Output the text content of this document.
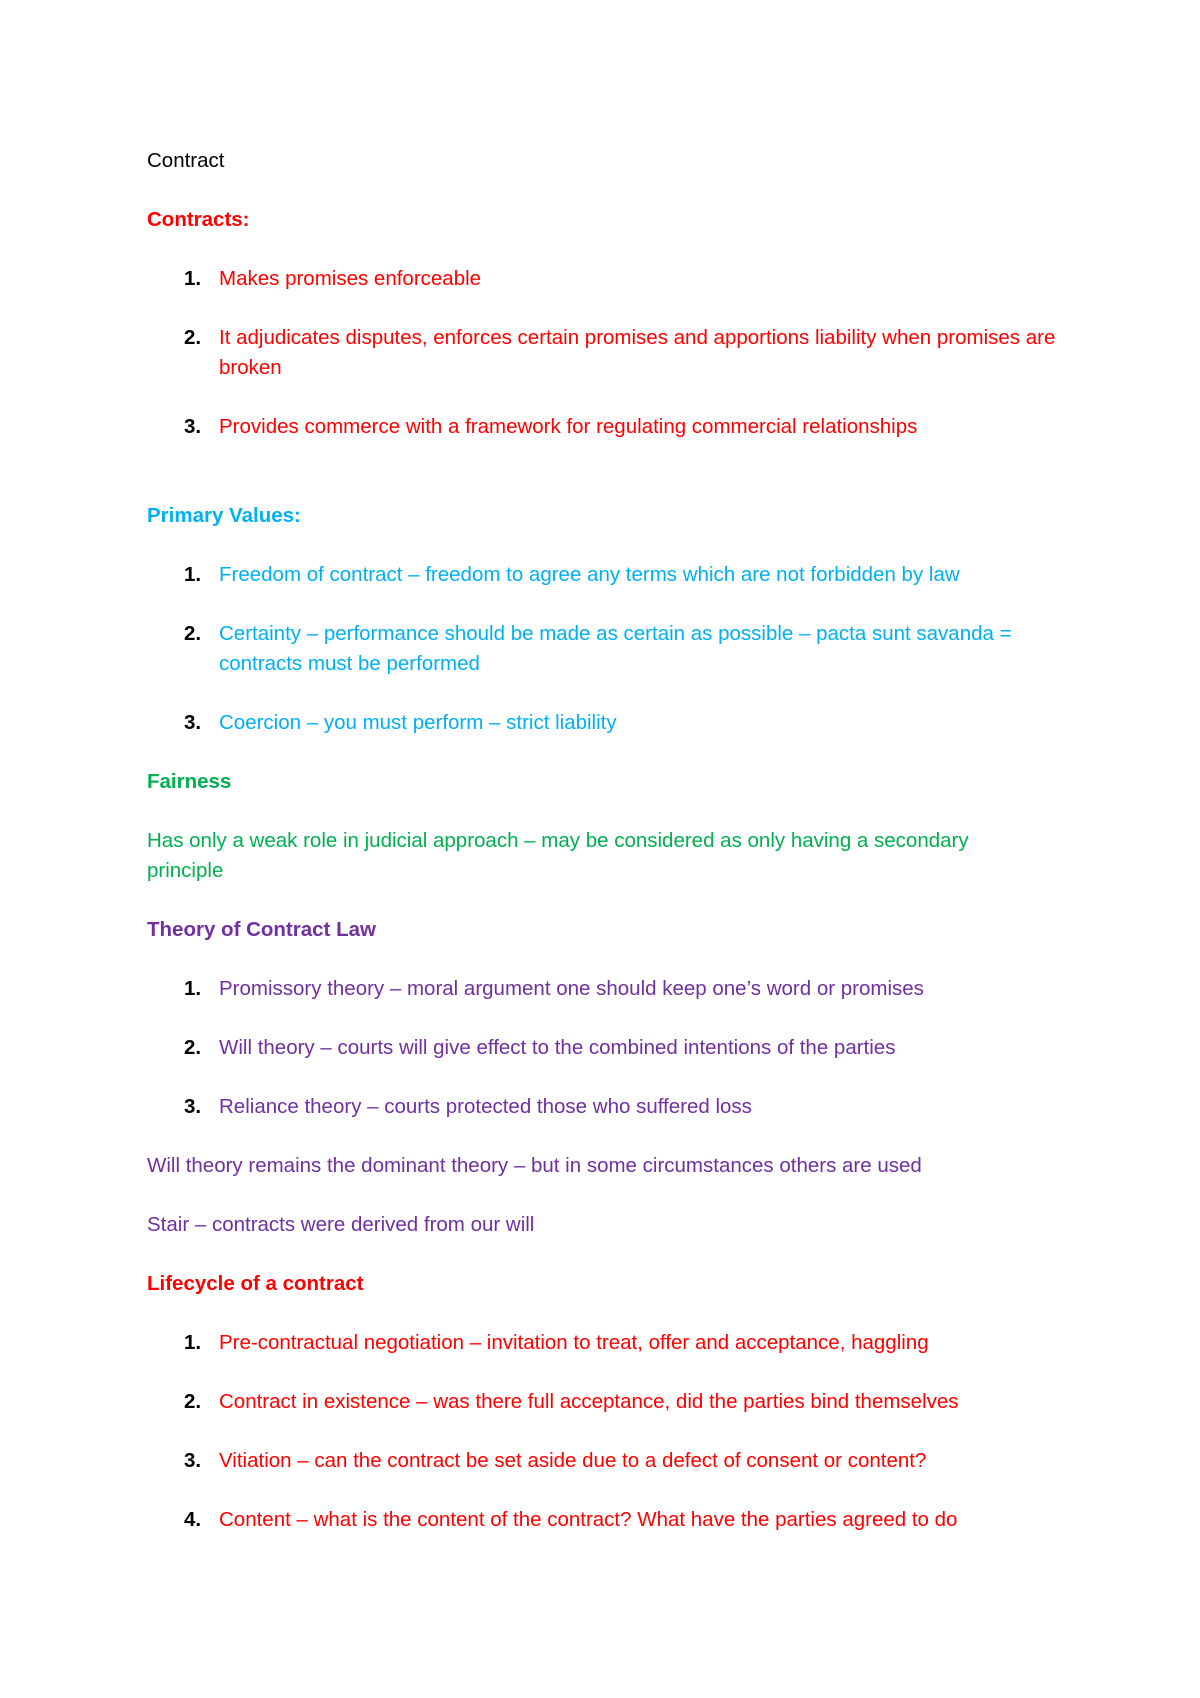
Contract
Contracts:
1. Makes promises enforceable
2. It adjudicates disputes, enforces certain promises and apportions liability when promises are broken
3. Provides commerce with a framework for regulating commercial relationships
Primary Values:
1. Freedom of contract – freedom to agree any terms which are not forbidden by law
2. Certainty – performance should be made as certain as possible – pacta sunt savanda = contracts must be performed
3. Coercion – you must perform – strict liability
Fairness
Has only a weak role in judicial approach – may be considered as only having a secondary principle
Theory of Contract Law
1. Promissory theory – moral argument one should keep one’s word or promises
2. Will theory – courts will give effect to the combined intentions of the parties
3. Reliance theory – courts protected those who suffered loss
Will theory remains the dominant theory – but in some circumstances others are used
Stair – contracts were derived from our will
Lifecycle of a contract
1. Pre-contractual negotiation – invitation to treat, offer and acceptance, haggling
2. Contract in existence – was there full acceptance, did the parties bind themselves
3. Vitiation – can the contract be set aside due to a defect of consent or content?
4. Content – what is the content of the contract? What have the parties agreed to do
